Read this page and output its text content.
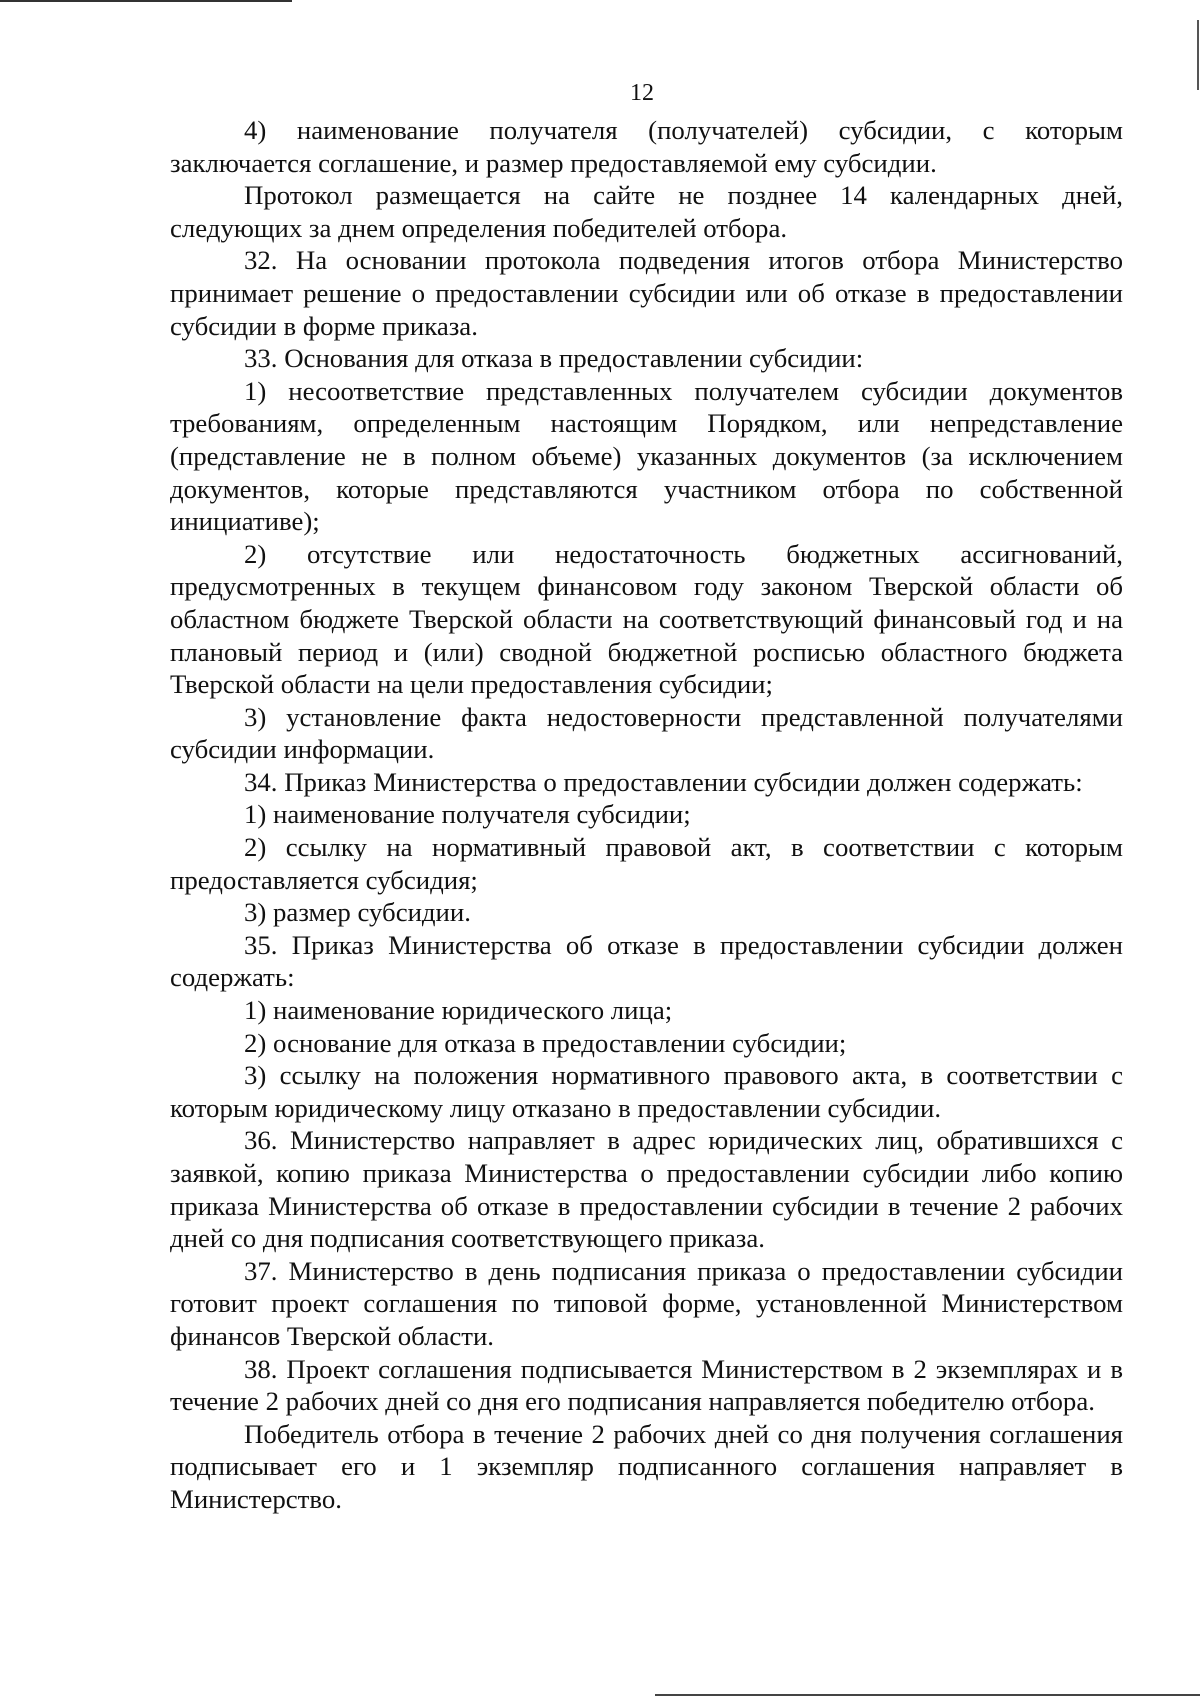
12

4) наименование получателя (получателей) субсидии, с которым заключается соглашение, и размер предоставляемой ему субсидии.

Протокол размещается на сайте не позднее 14 календарных дней, следующих за днем определения победителей отбора.

32. На основании протокола подведения итогов отбора Министерство принимает решение о предоставлении субсидии или об отказе в предоставлении субсидии в форме приказа.

33. Основания для отказа в предоставлении субсидии:

1) несоответствие представленных получателем субсидии документов требованиям, определенным настоящим Порядком, или непредставление (представление не в полном объеме) указанных документов (за исключением документов, которые представляются участником отбора по собственной инициативе);

2) отсутствие или недостаточность бюджетных ассигнований, предусмотренных в текущем финансовом году законом Тверской области об областном бюджете Тверской области на соответствующий финансовый год и на плановый период и (или) сводной бюджетной росписью областного бюджета Тверской области на цели предоставления субсидии;

3) установление факта недостоверности представленной получателями субсидии информации.

34. Приказ Министерства о предоставлении субсидии должен содержать:

1) наименование получателя субсидии;

2) ссылку на нормативный правовой акт, в соответствии с которым предоставляется субсидия;

3) размер субсидии.

35. Приказ Министерства об отказе в предоставлении субсидии должен содержать:

1) наименование юридического лица;

2) основание для отказа в предоставлении субсидии;

3) ссылку на положения нормативного правового акта, в соответствии с которым юридическому лицу отказано в предоставлении субсидии.

36. Министерство направляет в адрес юридических лиц, обратившихся с заявкой, копию приказа Министерства о предоставлении субсидии либо копию приказа Министерства об отказе в предоставлении субсидии в течение 2 рабочих дней со дня подписания соответствующего приказа.

37. Министерство в день подписания приказа о предоставлении субсидии готовит проект соглашения по типовой форме, установленной Министерством финансов Тверской области.

38. Проект соглашения подписывается Министерством в 2 экземплярах и в течение 2 рабочих дней со дня его подписания направляется победителю отбора.

Победитель отбора в течение 2 рабочих дней со дня получения соглашения подписывает его и 1 экземпляр подписанного соглашения направляет в Министерство.
